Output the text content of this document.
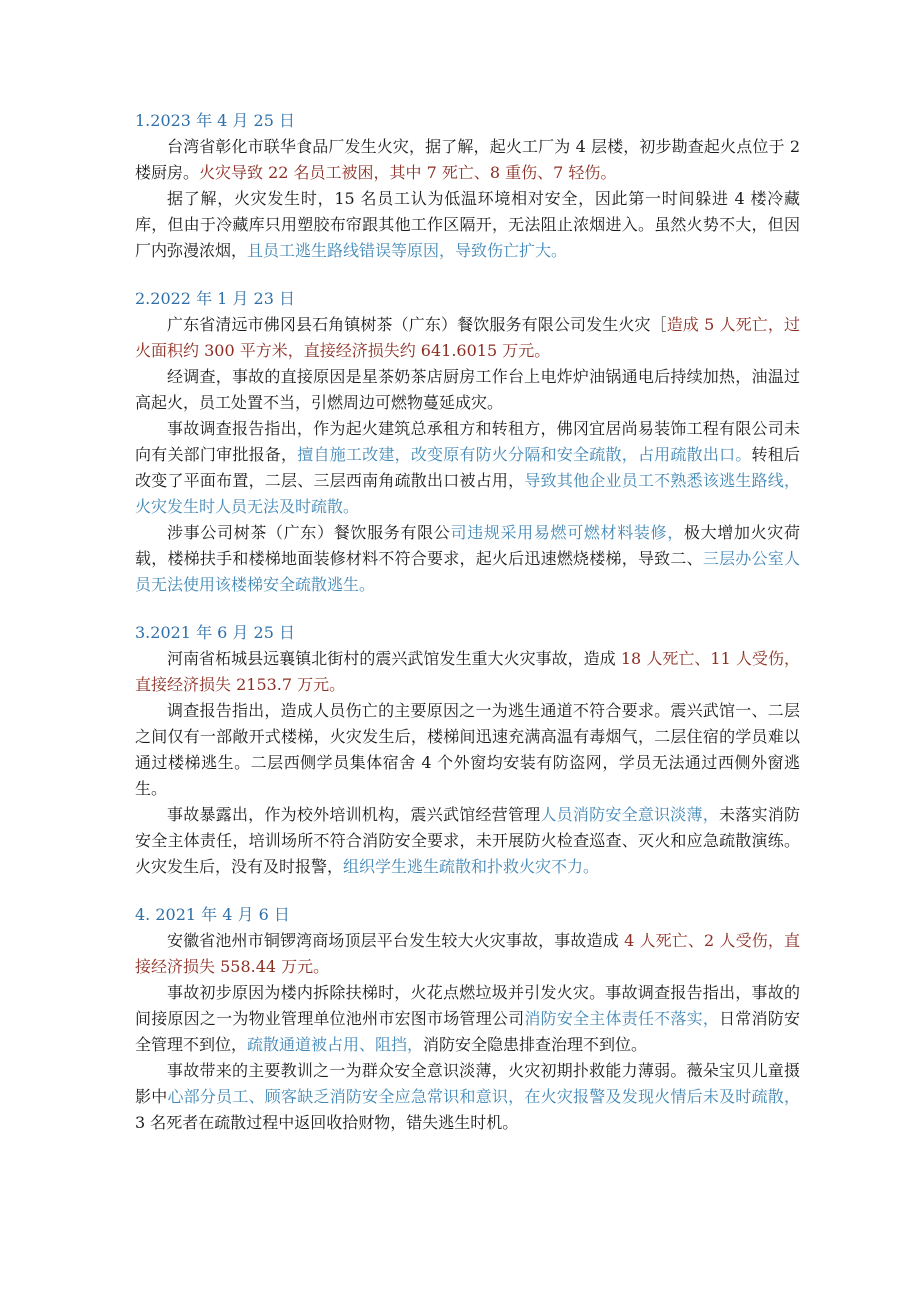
1.2023 年 4 月 25 日

台湾省彰化市联华食品厂发生火灾，据了解，起火工厂为 4 层楼，初步勘查起火点位于 2 楼厨房。火灾导致 22 名员工被困，其中 7 死亡、8 重伤、7 轻伤。

据了解，火灾发生时，15 名员工认为低温环境相对安全，因此第一时间躲进 4 楼冷藏库，但由于冷藏库只用塑胶布帘跟其他工作区隔开，无法阻止浓烟进入。虽然火势不大，但因厂内弥漫浓烟，且员工逃生路线错误等原因，导致伤亡扩大。

2.2022 年 1 月 23 日

广东省清远市佛冈县石角镇树茶（广东）餐饮服务有限公司发生火灾［造成 5 人死亡，过火面积约 300 平方米，直接经济损失约 641.6015 万元。

经调查，事故的直接原因是星茶奶茶店厨房工作台上电炸炉油锅通电后持续加热，油温过高起火，员工处置不当，引燃周边可燃物蔓延成灾。

事故调查报告指出，作为起火建筑总承租方和转租方，佛冈宜居尚易装饰工程有限公司未向有关部门审批报备，擅自施工改建，改变原有防火分隔和安全疏散，占用疏散出口。转租后改变了平面布置，二层、三层西南角疏散出口被占用，导致其他企业员工不熟悉该逃生路线，火灾发生时人员无法及时疏散。

涉事公司树茶（广东）餐饮服务有限公司违规采用易燃可燃材料装修，极大增加火灾荷载，楼梯扶手和楼梯地面装修材料不符合要求，起火后迅速燃烧楼梯，导致二、三层办公室人员无法使用该楼梯安全疏散逃生。

3.2021 年 6 月 25 日

河南省柘城县远襄镇北街村的震兴武馆发生重大火灾事故，造成 18 人死亡、11 人受伤，直接经济损失 2153.7 万元。

调查报告指出，造成人员伤亡的主要原因之一为逃生通道不符合要求。震兴武馆一、二层之间仅有一部敞开式楼梯，火灾发生后，楼梯间迅速充满高温有毒烟气，二层住宿的学员难以通过楼梯逃生。二层西侧学员集体宿舍 4 个外窗均安装有防盗网，学员无法通过西侧外窗逃生。

事故暴露出，作为校外培训机构，震兴武馆经营管理人员消防安全意识淡薄，未落实消防安全主体责任，培训场所不符合消防安全要求，未开展防火检查巡查、灭火和应急疏散演练。火灾发生后，没有及时报警，组织学生逃生疏散和扑救火灾不力。

4. 2021 年 4 月 6 日

安徽省池州市铜锣湾商场顶层平台发生较大火灾事故，事故造成 4 人死亡、2 人受伤，直接经济损失 558.44 万元。

事故初步原因为楼内拆除扶梯时，火花点燃垃圾并引发火灾。事故调查报告指出，事故的间接原因之一为物业管理单位池州市宏图市场管理公司消防安全主体责任不落实，日常消防安全管理不到位，疏散通道被占用、阻挡，消防安全隐患排查治理不到位。

事故带来的主要教训之一为群众安全意识淡薄，火灾初期扑救能力薄弱。薇朵宝贝儿童摄影中心部分员工、顾客缺乏消防安全应急常识和意识，在火灾报警及发现火情后未及时疏散，3 名死者在疏散过程中返回收拾财物，错失逃生时机。
